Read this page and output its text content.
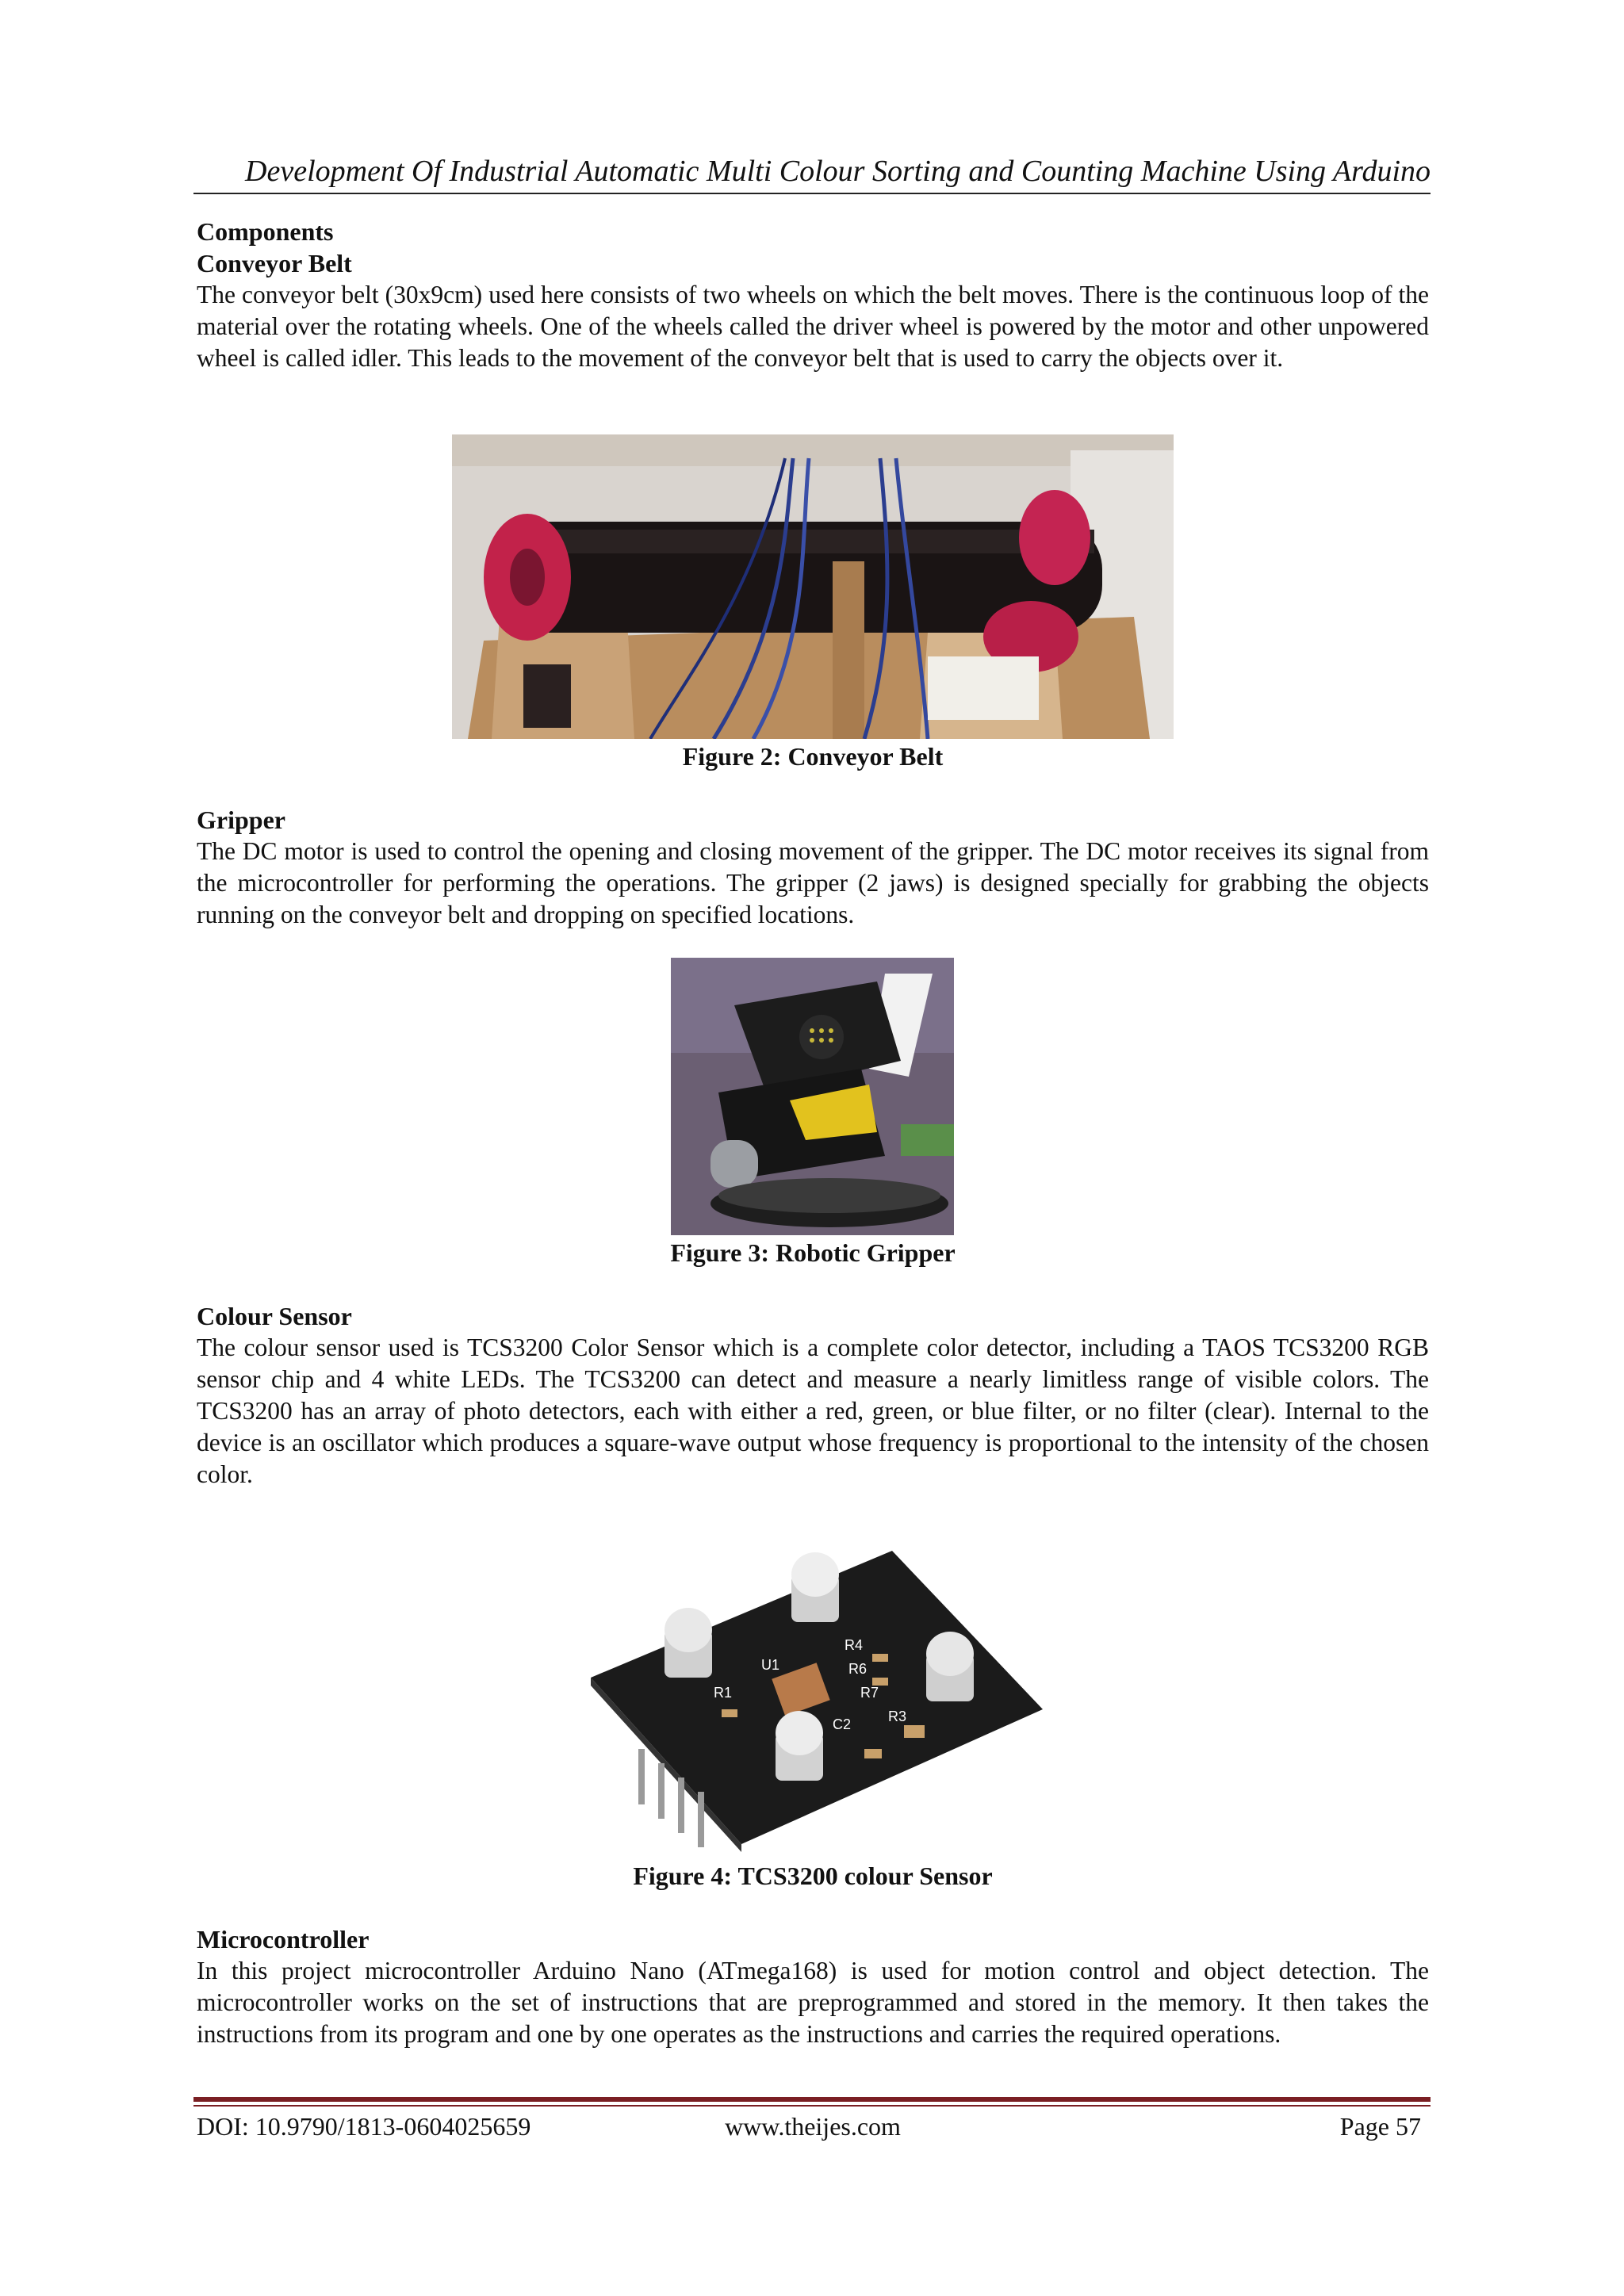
Development Of Industrial Automatic Multi Colour Sorting and Counting Machine Using Arduino

Components

Conveyor Belt

The conveyor belt (30x9cm) used here consists of two wheels on which the belt moves. There is the continuous loop of the material over the rotating wheels. One of the wheels called the driver wheel is powered by the motor and other unpowered wheel is called idler. This leads to the movement of the conveyor belt that is used to carry the objects over it.

Figure 2: Conveyor Belt

Gripper

The DC motor is used to control the opening and closing movement of the gripper. The DC motor receives its signal from the microcontroller for performing the operations. The gripper (2 jaws) is designed specially for grabbing the objects running on the conveyor belt and dropping on specified locations.

Figure 3: Robotic Gripper

Colour Sensor

The colour sensor used is TCS3200 Color Sensor which is a complete color detector, including a TAOS TCS3200 RGB sensor chip and 4 white LEDs. The TCS3200 can detect and measure a nearly limitless range of visible colors. The TCS3200 has an array of photo detectors, each with either a red, green, or blue filter, or no filter (clear). Internal to the device is an oscillator which produces a square-wave output whose frequency is proportional to the intensity of the chosen color.

R1
U1
R4
R6
R7
R3
C2

Figure 4: TCS3200 colour Sensor

Microcontroller

In this project microcontroller Arduino Nano (ATmega168) is used for motion control and object detection. The microcontroller works on the set of instructions that are preprogrammed and stored in the memory. It then takes the instructions from its program and one by one operates as the instructions and carries the required operations.

DOI: 10.9790/1813-0604025659	www.theijes.com	Page 57
